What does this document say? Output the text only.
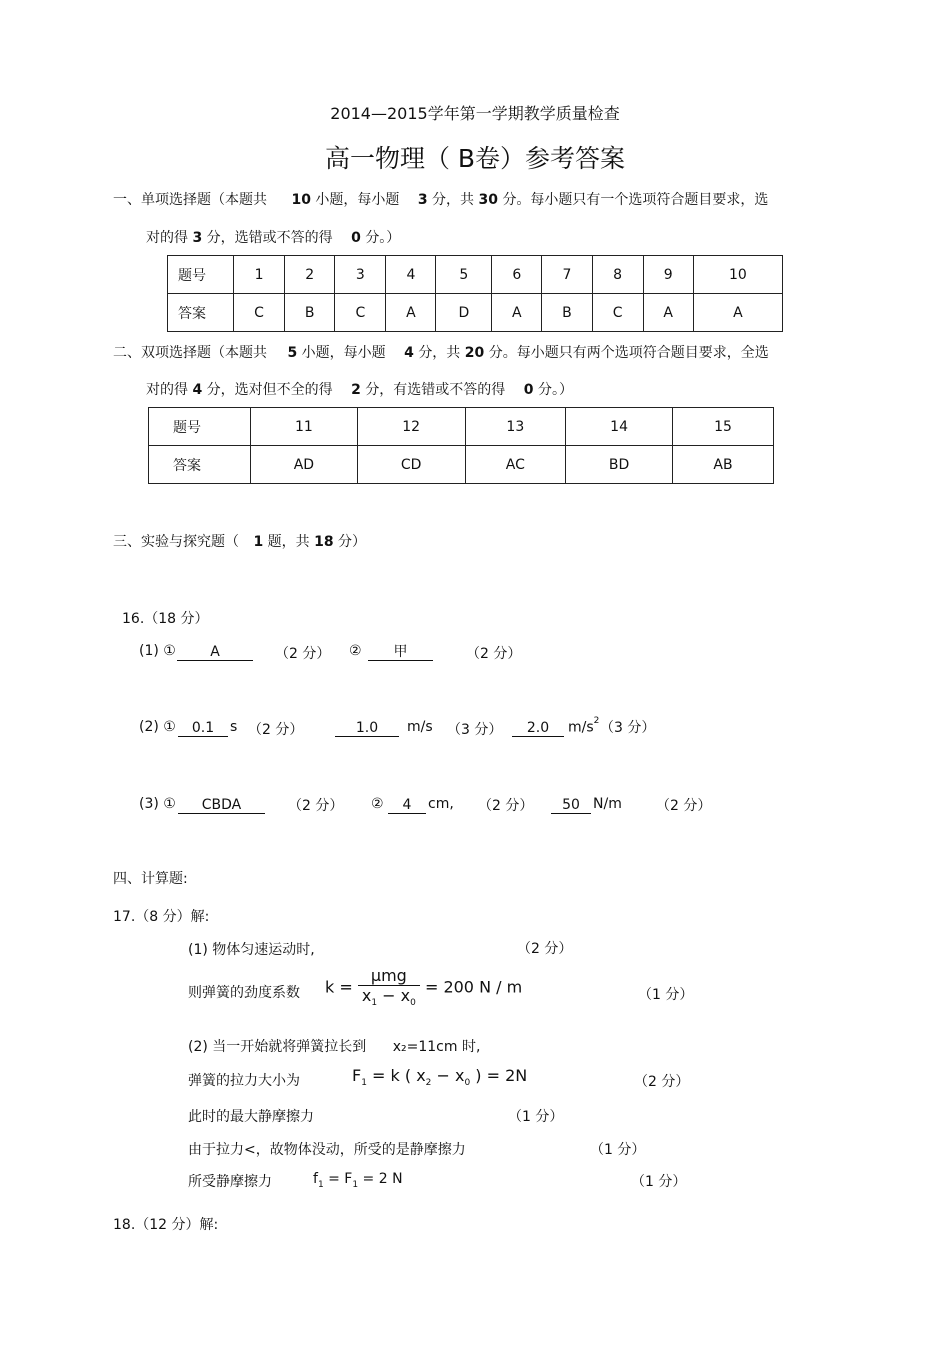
2014—2015学年第一学期教学质量检查
高一物理（ B卷）参考答案
一、单项选择题（本题共 10 小题，每小题 3 分，共 30 分。每小题只有一个选项符合题目要求，选
对的得 3 分，选错或不答的得 0 分。）
题号	1	2	3	4	5	6	7	8	9	10
答案	C	B	C	A	D	A	B	C	A	A
二、双项选择题（本题共 5 小题，每小题 4 分，共 20 分。每小题只有两个选项符合题目要求，全选
对的得 4 分，选对但不全的得 2 分，有选错或不答的得 0 分。）
题号	11	12	13	14	15
答案	AD	CD	AC	BD	AB
三、实验与探究题（ 1 题，共 18 分）
16.（18 分）
(1) ①	A	（2 分） ②	甲	（2 分）
(2) ①	0.1	s （2 分）	1.0	m/s （3 分）	2.0	$m/s^2$ （3 分）
(3) ①	CBDA	（2 分） ②	4	cm, （2 分）	50 N/m （2 分）
四、计算题:
17.（8 分）解:
(1) 物体匀速运动时,	（2 分）
则弹簧的劲度系数 $k = \frac{\text{μmg}}{x_1 - x_0} = 200$ N / m	（1 分）
(2) 当一开始就将弹簧拉长到 x₂=11cm 时,
弹簧的拉力大小为	$F_1 = k$ ( $x_2 - x_0$ ) = 2N	（2 分）
此时的最大静摩擦力	（1 分）
由于拉力<，故物体没动，所受的是静摩擦力	（1 分）
所受静摩擦力	$f_1 = F_1 = 2$ N	（1 分）
18.（12 分）解:
